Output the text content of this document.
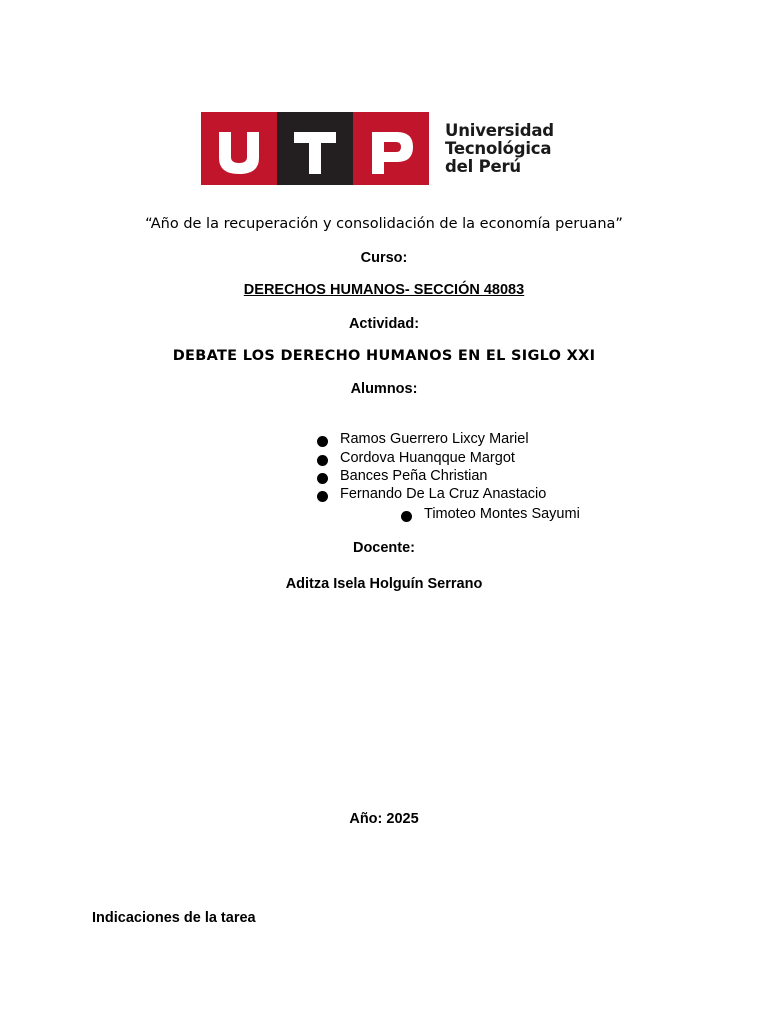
Universidad
Tecnológica
del Perú
“Año de la recuperación y consolidación de la economía peruana”
Curso:
DERECHOS HUMANOS- SECCIÓN 48083
Actividad:
DEBATE LOS DERECHO HUMANOS EN EL SIGLO XXI
Alumnos:
Ramos Guerrero Lixcy Mariel
Cordova Huanqque Margot
Bances Peña Christian
Fernando De La Cruz Anastacio
Timoteo Montes Sayumi
Docente:
Aditza Isela Holguín Serrano
Año: 2025
Indicaciones de la tarea
